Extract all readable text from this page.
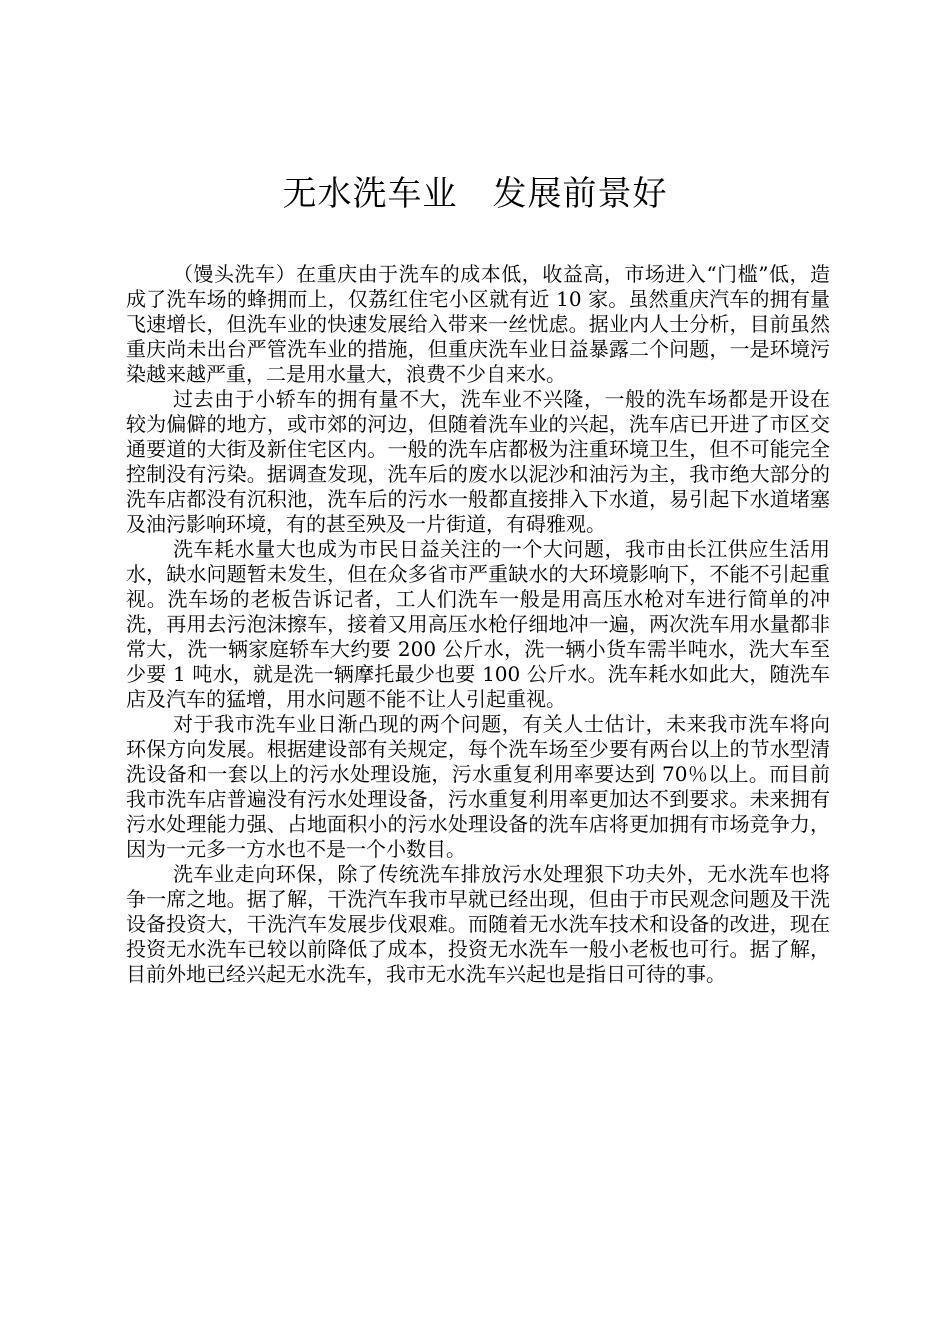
无水洗车业　发展前景好

（馒头洗车）在重庆由于洗车的成本低，收益高，市场进入“门槛”低，造成了洗车场的蜂拥而上，仅荔红住宅小区就有近 10 家。虽然重庆汽车的拥有量飞速增长，但洗车业的快速发展给入带来一丝忧虑。据业内人士分析，目前虽然重庆尚未出台严管洗车业的措施，但重庆洗车业日益暴露二个问题，一是环境污染越来越严重，二是用水量大，浪费不少自来水。

过去由于小轿车的拥有量不大，洗车业不兴隆，一般的洗车场都是开设在较为偏僻的地方，或市郊的河边，但随着洗车业的兴起，洗车店已开进了市区交通要道的大街及新住宅区内。一般的洗车店都极为注重环境卫生，但不可能完全控制没有污染。据调查发现，洗车后的废水以泥沙和油污为主，我市绝大部分的洗车店都没有沉积池，洗车后的污水一般都直接排入下水道，易引起下水道堵塞及油污影响环境，有的甚至殃及一片街道，有碍雅观。

洗车耗水量大也成为市民日益关注的一个大问题，我市由长江供应生活用水，缺水问题暂未发生，但在众多省市严重缺水的大环境影响下，不能不引起重视。洗车场的老板告诉记者，工人们洗车一般是用高压水枪对车进行简单的冲洗，再用去污泡沫擦车，接着又用高压水枪仔细地冲一遍，两次洗车用水量都非常大，洗一辆家庭轿车大约要 200 公斤水，洗一辆小货车需半吨水，洗大车至少要 1 吨水，就是洗一辆摩托最少也要 100 公斤水。洗车耗水如此大，随洗车店及汽车的猛增，用水问题不能不让人引起重视。

对于我市洗车业日渐凸现的两个问题，有关人士估计，未来我市洗车将向环保方向发展。根据建设部有关规定，每个洗车场至少要有两台以上的节水型清洗设备和一套以上的污水处理设施，污水重复利用率要达到 70％以上。而目前我市洗车店普遍没有污水处理设备，污水重复利用率更加达不到要求。未来拥有污水处理能力强、占地面积小的污水处理设备的洗车店将更加拥有市场竞争力，因为一元多一方水也不是一个小数目。

洗车业走向环保，除了传统洗车排放污水处理狠下功夫外，无水洗车也将争一席之地。据了解，干洗汽车我市早就已经出现，但由于市民观念问题及干洗设备投资大，干洗汽车发展步伐艰难。而随着无水洗车技术和设备的改进，现在投资无水洗车已较以前降低了成本，投资无水洗车一般小老板也可行。据了解，目前外地已经兴起无水洗车，我市无水洗车兴起也是指日可待的事。
